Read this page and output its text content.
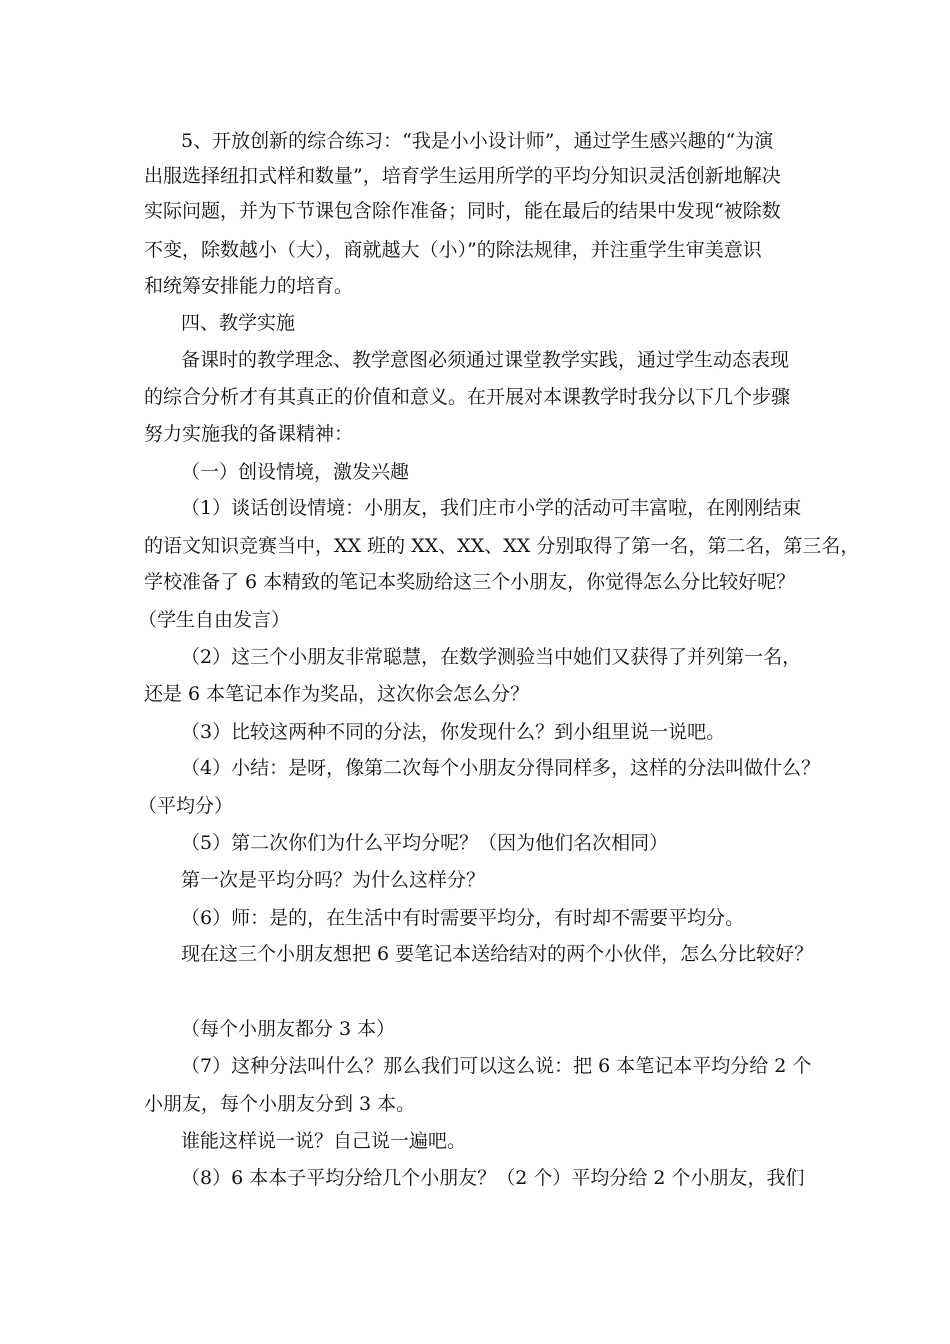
5、开放创新的综合练习：“我是小小设计师”，通过学生感兴趣的“为演
出服选择纽扣式样和数量”，培育学生运用所学的平均分知识灵活创新地解决
实际问题，并为下节课包含除作准备；同时，能在最后的结果中发现“被除数
不变，除数越小（大），商就越大（小）”的除法规律，并注重学生审美意识
和统筹安排能力的培育。
四、教学实施
备课时的教学理念、教学意图必须通过课堂教学实践，通过学生动态表现
的综合分析才有其真正的价值和意义。在开展对本课教学时我分以下几个步骤
努力实施我的备课精神：
（一）创设情境，激发兴趣
（1）谈话创设情境：小朋友，我们庄市小学的活动可丰富啦，在刚刚结束
的语文知识竞赛当中，XX 班的 XX、XX、XX 分别取得了第一名，第二名，第三名，
学校准备了 6 本精致的笔记本奖励给这三个小朋友，你觉得怎么分比较好呢？
（学生自由发言）
（2）这三个小朋友非常聪慧，在数学测验当中她们又获得了并列第一名，
还是 6 本笔记本作为奖品，这次你会怎么分？
（3）比较这两种不同的分法，你发现什么？到小组里说一说吧。
（4）小结：是呀，像第二次每个小朋友分得同样多，这样的分法叫做什么？
（平均分）
（5）第二次你们为什么平均分呢？（因为他们名次相同）
第一次是平均分吗？为什么这样分？
（6）师：是的，在生活中有时需要平均分，有时却不需要平均分。
现在这三个小朋友想把 6 要笔记本送给结对的两个小伙伴，怎么分比较好？
（每个小朋友都分 3 本）
（7）这种分法叫什么？那么我们可以这么说：把 6 本笔记本平均分给 2 个
小朋友，每个小朋友分到 3 本。
谁能这样说一说？自己说一遍吧。
（8）6 本本子平均分给几个小朋友？（2 个）平均分给 2 个小朋友，我们
